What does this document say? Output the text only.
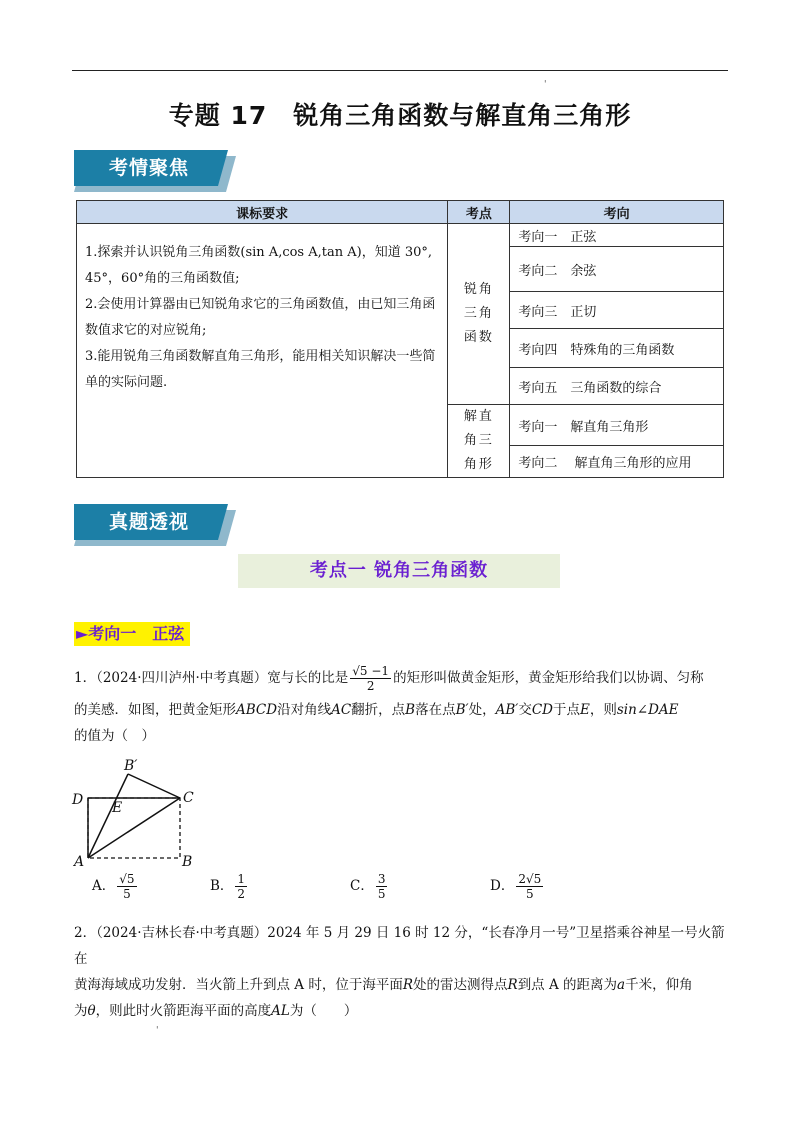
'
专题 17　锐角三角函数与解直角三角形
考情聚焦
课标要求	考点	考向

1.探索并认识锐角三角函数(sin A,cos A,tan A)，知道 30°, 45°，60°角的三角函数值;
2.会使用计算器由已知锐角求它的三角函数值，由已知三角函数值求它的对应锐角;
3.能用锐角三角函数解直角三角形，能用相关知识解决一些简单的实际问题.	锐角三角函数	考向一　正弦
		考向二　余弦
		考向三　正切
		考向四　特殊角的三角函数
		考向五　三角函数的综合
	解直角三角形	考向一　解直角三角形
		考向二　 解直角三角形的应用
真题透视
考点一 锐角三角函数
►考向一　正弦
1．（2024·四川泸州·中考真题）宽与长的比是 $\frac{√5 -1}{2}$ 的矩形叫做黄金矩形，黄金矩形给我们以协调、匀称
的美感．如图，把黄金矩形ABCD沿对角线AC翻折，点B落在点B′处，AB′交CD于点E，则sin∠DAE
的值为（　）
B′
D E
C
A	B
A． $\frac{√5}{5}$	B． $\frac{1}{2}$	C． $\frac{3}{5}$	D． $\frac{2√5}{5}$
2．（2024·吉林长春·中考真题）2024 年 5 月 29 日 16 时 12 分，“长春净月一号”卫星搭乘谷神星一号火箭在
黄海海域成功发射．当火箭上升到点 A 时，位于海平面R处的雷达测得点R到点 A 的距离为a千米，仰角
为θ，则此时火箭距海平面的高度AL为（　　）
'
